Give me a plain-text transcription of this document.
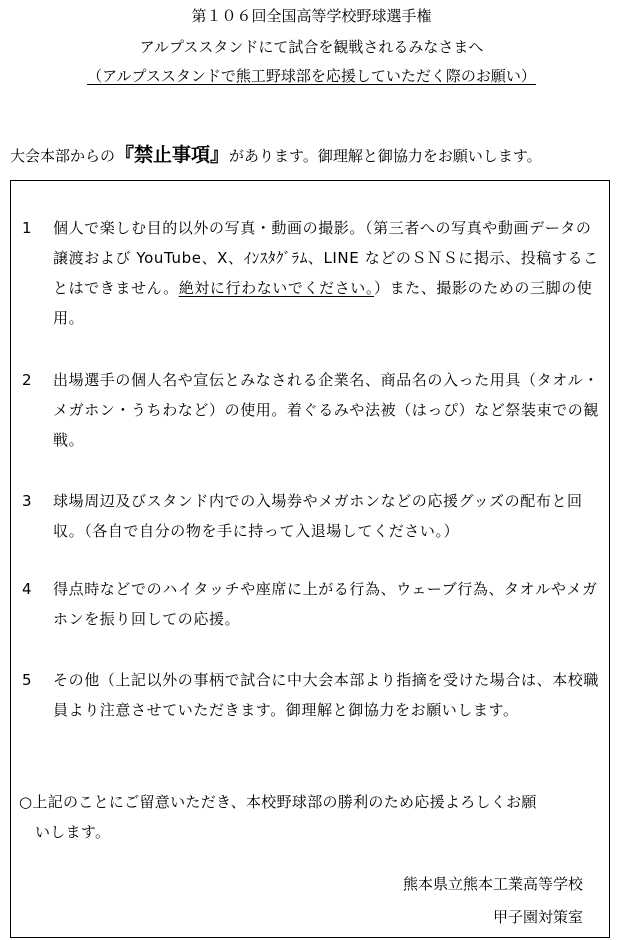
第１０６回全国高等学校野球選手権
アルプススタンドにて試合を観戦されるみなさまへ
（アルプススタンドで熊工野球部を応援していただく際のお願い）
大会本部からの『禁止事項』があります。御理解と御協力をお願いします。
1 個人で楽しむ目的以外の写真・動画の撮影。（第三者への写真や動画データの譲渡および YouTube、X、ｲﾝｽﾀｸﾞﾗﾑ、LINE などのＳＮＳに掲示、投稿することはできません。絶対に行わないでください。）また、撮影のための三脚の使用。
2 出場選手の個人名や宣伝とみなされる企業名、商品名の入った用具（タオル・メガホン・うちわなど）の使用。着ぐるみや法被（はっぴ）など祭装束での観戦。
3 球場周辺及びスタンド内での入場券やメガホンなどの応援グッズの配布と回収。（各自で自分の物を手に持って入退場してください。）
4 得点時などでのハイタッチや座席に上がる行為、ウェーブ行為、タオルやメガホンを振り回しての応援。
5 その他（上記以外の事柄で試合に中大会本部より指摘を受けた場合は、本校職員より注意させていただきます。御理解と御協力をお願いします。
○上記のことにご留意いただき、本校野球部の勝利のため応援よろしくお願
いします。
熊本県立熊本工業高等学校
甲子園対策室
